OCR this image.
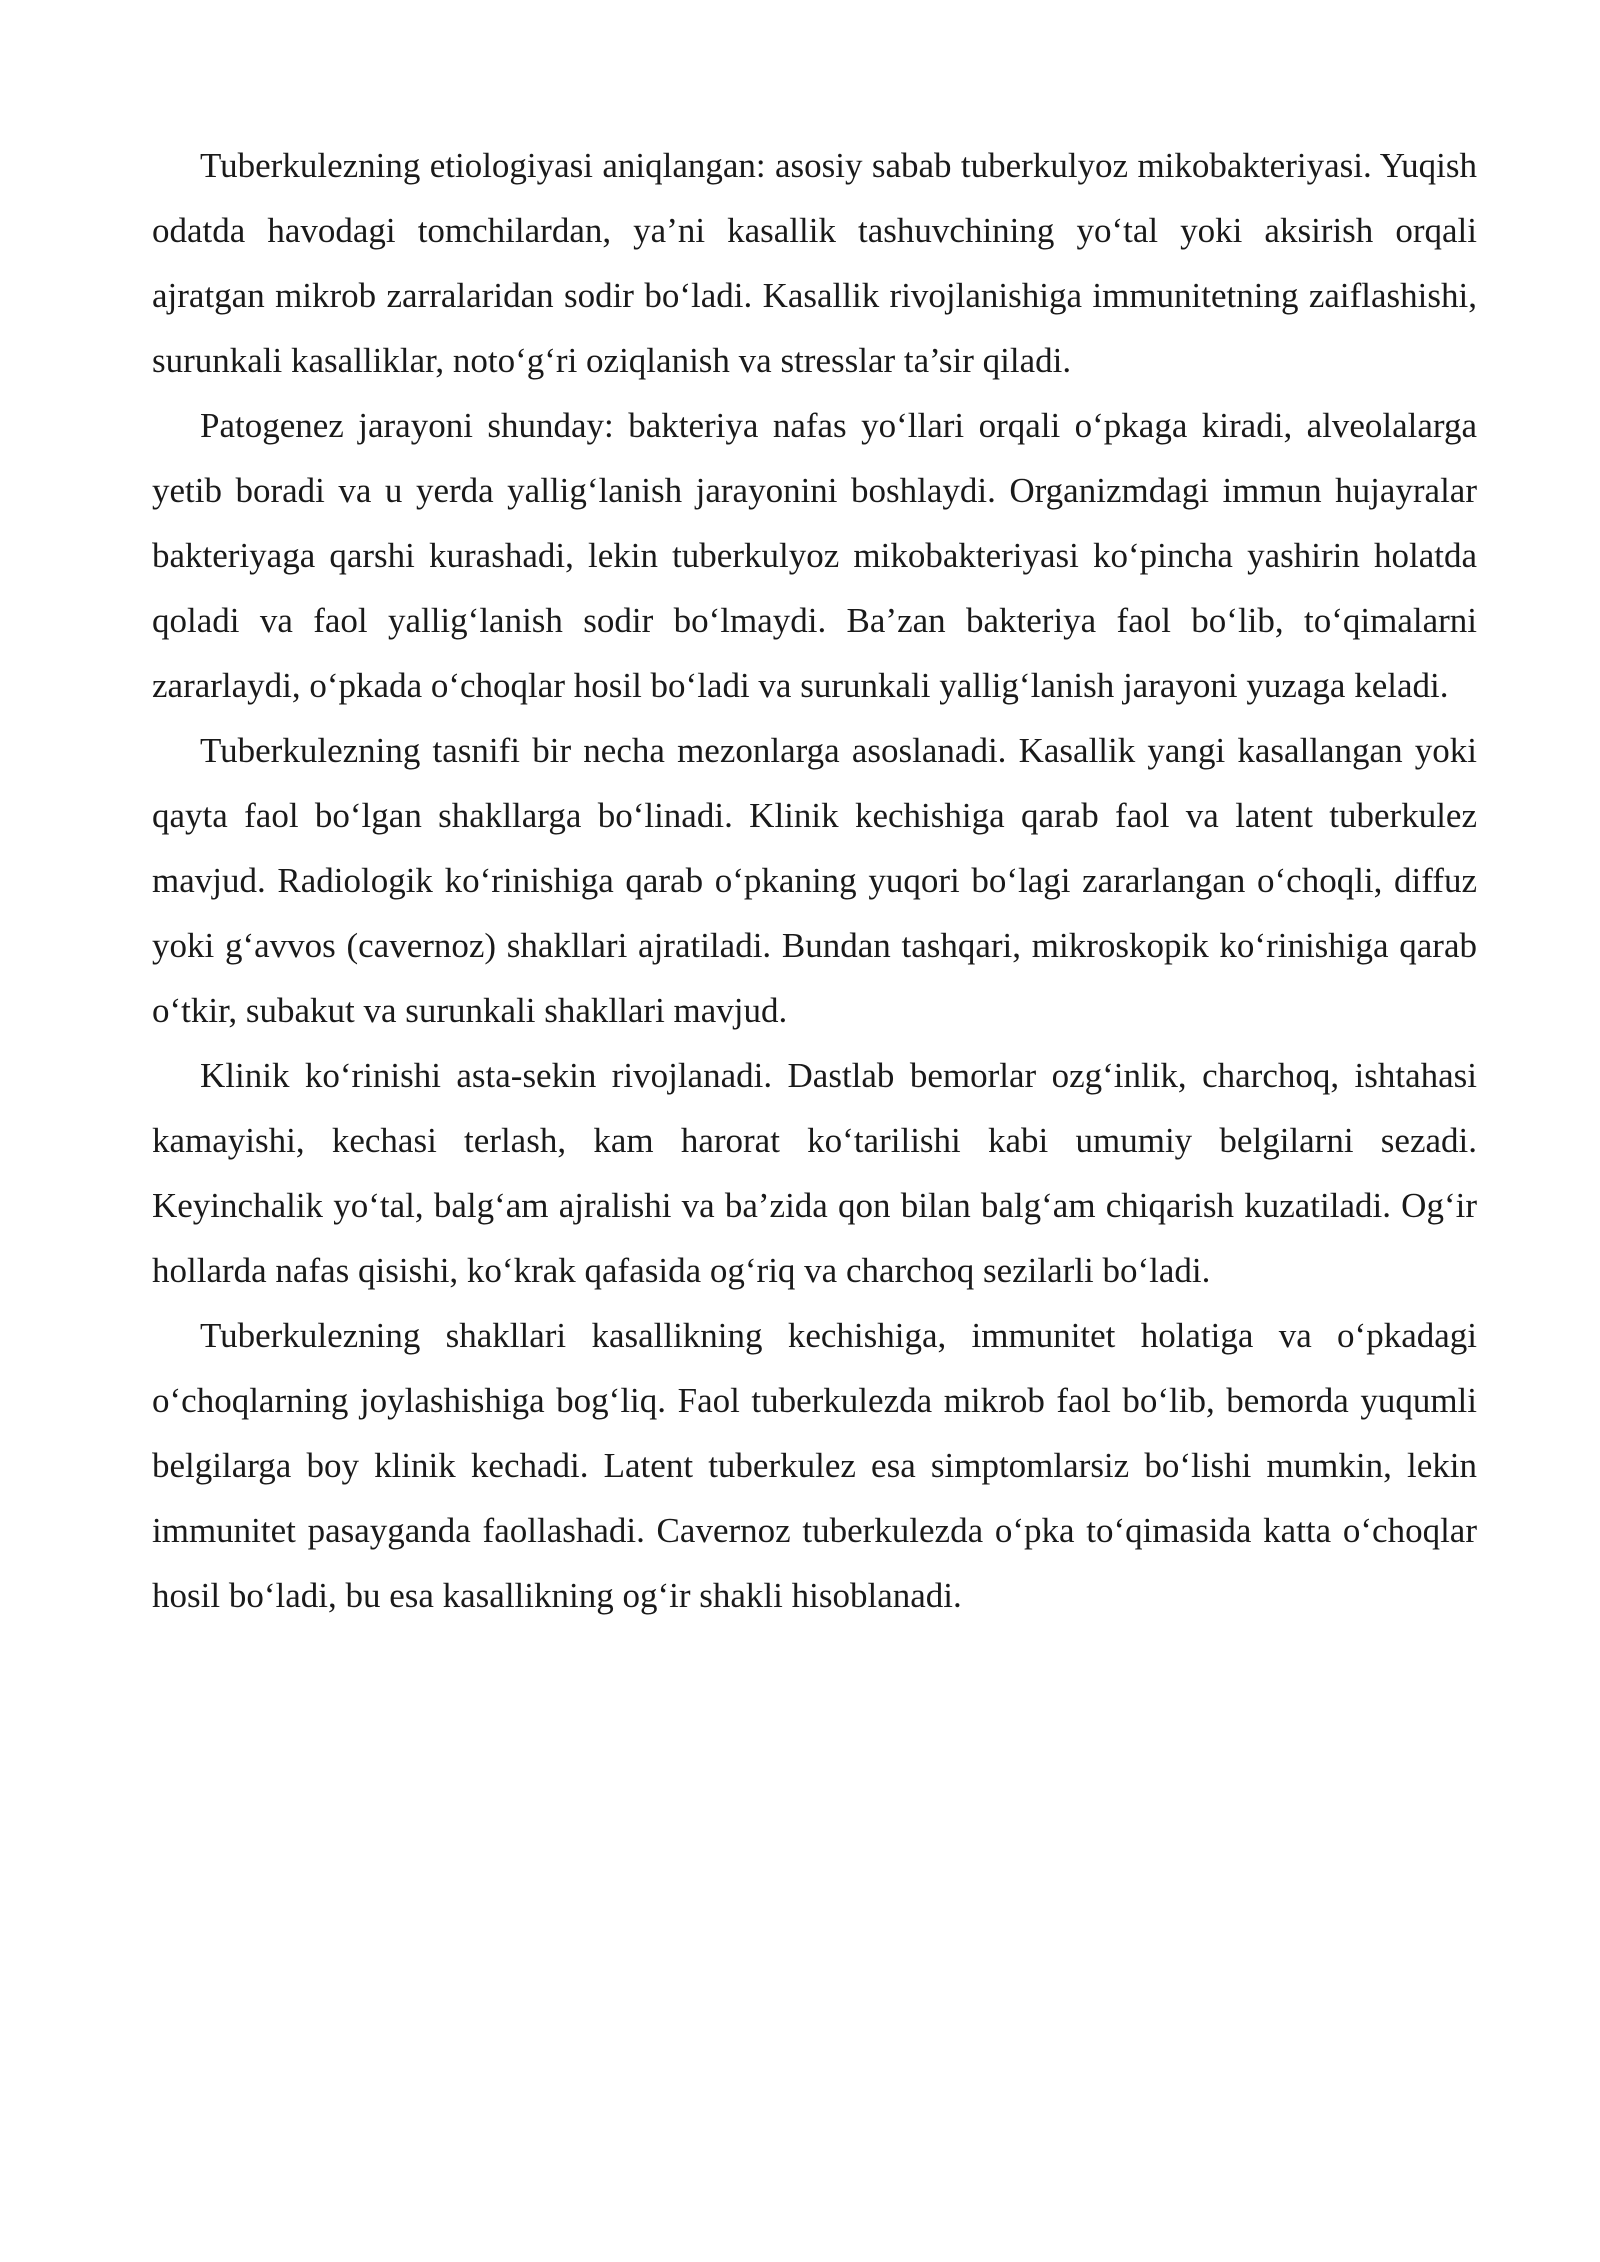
Tuberkulezning etiologiyasi aniqlangan: asosiy sabab tuberkulyoz mikobakteriyasi. Yuqish odatda havodagi tomchilardan, ya’ni kasallik tashuvchining yo‘tal yoki aksirish orqali ajratgan mikrob zarralaridan sodir bo‘ladi. Kasallik rivojlanishiga immunitetning zaiflashishi, surunkali kasalliklar, noto‘g‘ri oziqlanish va stresslar ta’sir qiladi.

Patogenez jarayoni shunday: bakteriya nafas yo‘llari orqali o‘pkaga kiradi, alveolalarga yetib boradi va u yerda yallig‘lanish jarayonini boshlaydi. Organizmdagi immun hujayralar bakteriyaga qarshi kurashadi, lekin tuberkulyoz mikobakteriyasi ko‘pincha yashirin holatda qoladi va faol yallig‘lanish sodir bo‘lmaydi. Ba’zan bakteriya faol bo‘lib, to‘qimalarni zararlaydi, o‘pkada o‘choqlar hosil bo‘ladi va surunkali yallig‘lanish jarayoni yuzaga keladi.

Tuberkulezning tasnifi bir necha mezonlarga asoslanadi. Kasallik yangi kasallangan yoki qayta faol bo‘lgan shakllarga bo‘linadi. Klinik kechishiga qarab faol va latent tuberkulez mavjud. Radiologik ko‘rinishiga qarab o‘pkaning yuqori bo‘lagi zararlangan o‘choqli, diffuz yoki g‘avvos (cavernoz) shakllari ajratiladi. Bundan tashqari, mikroskopik ko‘rinishiga qarab o‘tkir, subakut va surunkali shakllari mavjud.

Klinik ko‘rinishi asta-sekin rivojlanadi. Dastlab bemorlar ozg‘inlik, charchoq, ishtahasi kamayishi, kechasi terlash, kam harorat ko‘tarilishi kabi umumiy belgilarni sezadi. Keyinchalik yo‘tal, balg‘am ajralishi va ba’zida qon bilan balg‘am chiqarish kuzatiladi. Og‘ir hollarda nafas qisishi, ko‘krak qafasida og‘riq va charchoq sezilarli bo‘ladi.

Tuberkulezning shakllari kasallikning kechishiga, immunitet holatiga va o‘pkadagi o‘choqlarning joylashishiga bog‘liq. Faol tuberkulezda mikrob faol bo‘lib, bemorda yuqumli belgilarga boy klinik kechadi. Latent tuberkulez esa simptomlarsiz bo‘lishi mumkin, lekin immunitet pasayganda faollashadi. Cavernoz tuberkulezda o‘pka to‘qimasida katta o‘choqlar hosil bo‘ladi, bu esa kasallikning og‘ir shakli hisoblanadi.
